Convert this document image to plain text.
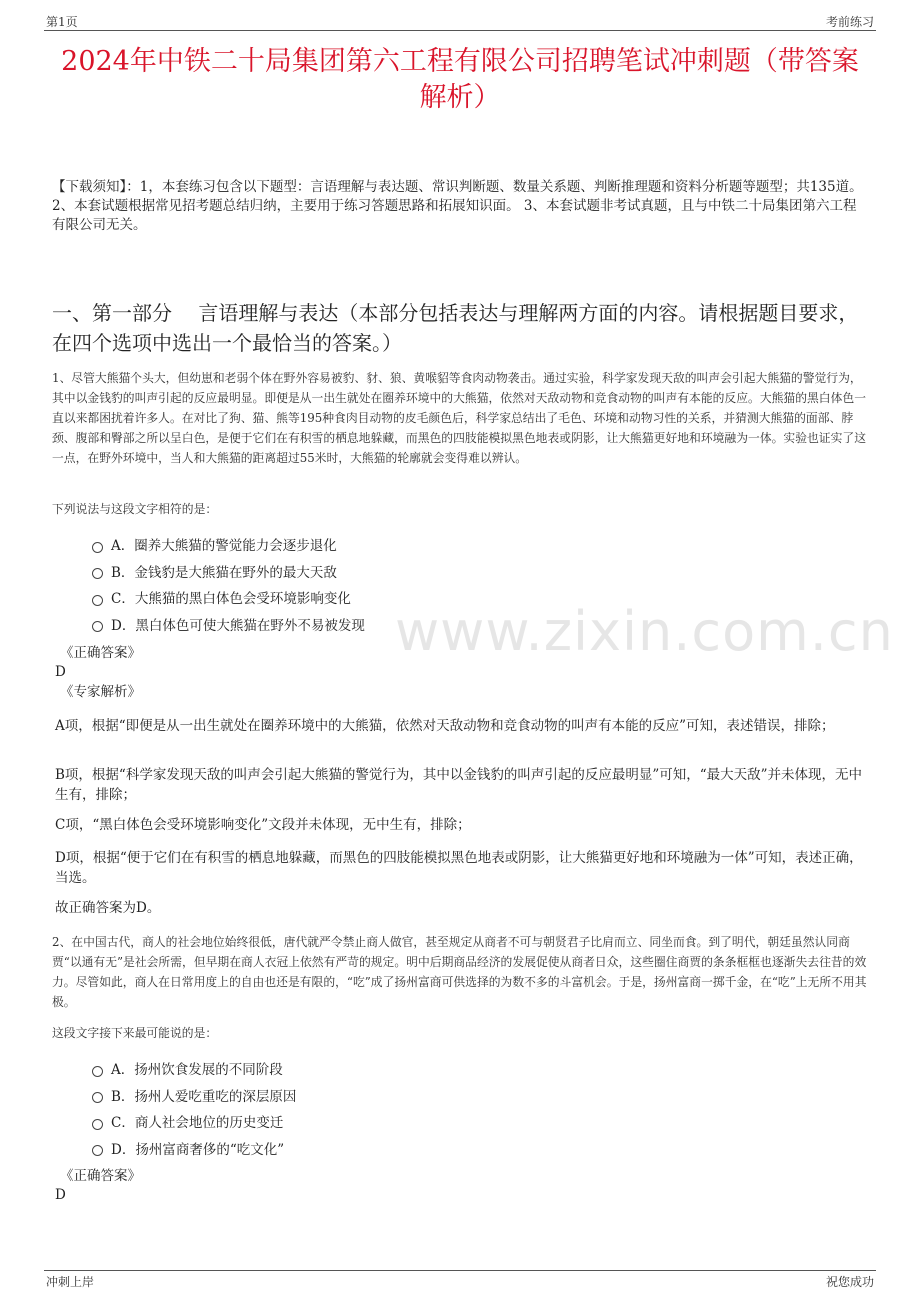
第1页	考前练习
2024年中铁二十局集团第六工程有限公司招聘笔试冲刺题（带答案解析）
【下载须知】：1，本套练习包含以下题型：言语理解与表达题、常识判断题、数量关系题、判断推理题和资料分析题等题型；共135道。 2、本套试题根据常见招考题总结归纳，主要用于练习答题思路和拓展知识面。 3、本套试题非考试真题，且与中铁二十局集团第六工程有限公司无关。
一、第一部分　 言语理解与表达（本部分包括表达与理解两方面的内容。请根据题目要求，在四个选项中选出一个最恰当的答案。）
www.zixin.com.cn
1、尽管大熊猫个头大，但幼崽和老弱个体在野外容易被豹、豺、狼、黄喉貂等食肉动物袭击。通过实验，科学家发现天敌的叫声会引起大熊猫的警觉行为，其中以金钱豹的叫声引起的反应最明显。即便是从一出生就处在圈养环境中的大熊猫，依然对天敌动物和竞食动物的叫声有本能的反应。大熊猫的黑白体色一直以来都困扰着许多人。在对比了狗、猫、熊等195种食肉目动物的皮毛颜色后，科学家总结出了毛色、环境和动物习性的关系，并猜测大熊猫的面部、脖颈、腹部和臀部之所以呈白色，是便于它们在有积雪的栖息地躲藏，而黑色的四肢能模拟黑色地表或阴影，让大熊猫更好地和环境融为一体。实验也证实了这一点，在野外环境中，当人和大熊猫的距离超过55米时，大熊猫的轮廓就会变得难以辨认。
下列说法与这段文字相符的是：
A．圈养大熊猫的警觉能力会逐步退化
B．金钱豹是大熊猫在野外的最大天敌
C．大熊猫的黑白体色会受环境影响变化
D．黑白体色可使大熊猫在野外不易被发现
《正确答案》
D
《专家解析》
A项，根据“即便是从一出生就处在圈养环境中的大熊猫，依然对天敌动物和竞食动物的叫声有本能的反应”可知，表述错误，排除；
B项，根据“科学家发现天敌的叫声会引起大熊猫的警觉行为，其中以金钱豹的叫声引起的反应最明显”可知，“最大天敌”并未体现，无中生有，排除；
C项，“黑白体色会受环境影响变化”文段并未体现，无中生有，排除；
D项，根据“便于它们在有积雪的栖息地躲藏，而黑色的四肢能模拟黑色地表或阴影，让大熊猫更好地和环境融为一体”可知，表述正确，当选。
故正确答案为D。
2、在中国古代，商人的社会地位始终很低，唐代就严令禁止商人做官，甚至规定从商者不可与朝贤君子比肩而立、同坐而食。到了明代，朝廷虽然认同商贾“以通有无”是社会所需，但早期在商人衣冠上依然有严苛的规定。明中后期商品经济的发展促使从商者日众，这些圈住商贾的条条框框也逐渐失去往昔的效力。尽管如此，商人在日常用度上的自由也还是有限的，“吃”成了扬州富商可供选择的为数不多的斗富机会。于是，扬州富商一掷千金，在“吃”上无所不用其极。
这段文字接下来最可能说的是：
A．扬州饮食发展的不同阶段
B．扬州人爱吃重吃的深层原因
C．商人社会地位的历史变迁
D．扬州富商奢侈的“吃文化”
《正确答案》
D
冲刺上岸	祝您成功
